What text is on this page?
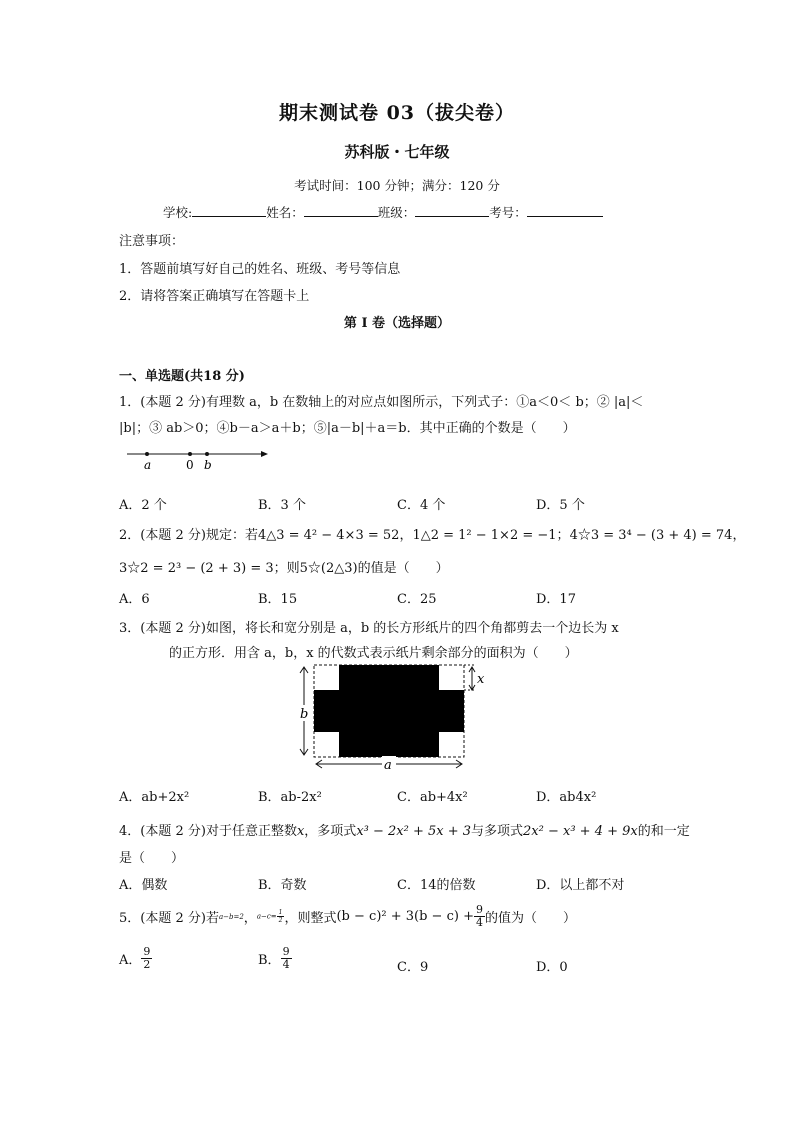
期末测试卷 03（拔尖卷）
苏科版・七年级
考试时间：100 分钟；满分：120 分
学校:	姓名：	班级：	考号：
注意事项：
1．答题前填写好自己的姓名、班级、考号等信息
2．请将答案正确填写在答题卡上
第 I 卷（选择题）
一、单选题(共18 分)
1．(本题 2 分)有理数 a，b 在数轴上的对应点如图所示，下列式子：①a＜0＜ b；② |a|＜
|b|；③ ab＞0；④b－a＞a＋b；⑤|a－b|＋a＝b．其中正确的个数是（　　）
a	0 b
A．2 个	B．3 个	C．4 个	D．5 个
2．(本题 2 分)规定：若4△3 = 4² − 4×3 = 52，1△2 = 1² − 1×2 = −1；4☆3 = 3⁴ − (3 + 4) = 74，
3☆2 = 2³ − (2 + 3) = 3；则5☆(2△3)的值是（　　）
A．6	B．15	C．25	D．17
3．(本题 2 分)如图，将长和宽分别是 a，b 的长方形纸片的四个角都剪去一个边长为 x
的正方形．用含 a，b，x 的代数式表示纸片剩余部分的面积为（　　）
b
x
a
A．ab+2x²	B．ab-2x²	C．ab+4x²	D．ab4x²
4．(本题 2 分)对于任意正整数x，多项式x³ − 2x² + 5x + 3与多项式2x² − x³ + 4 + 9x的和一定
是（　　）
A．偶数	B．奇数	C．14的倍数	D．以上都不对
5．(本题 2 分)若 a−b=2 ， $a-c= \frac{1}{2}$ ，则整式 $(b - c)^2 + 3(b - c) + \frac{9}{4}$ 的值为（　　）
A． $\frac{9}{2}$	B． $\frac{9}{4}$	C．9	D．0
